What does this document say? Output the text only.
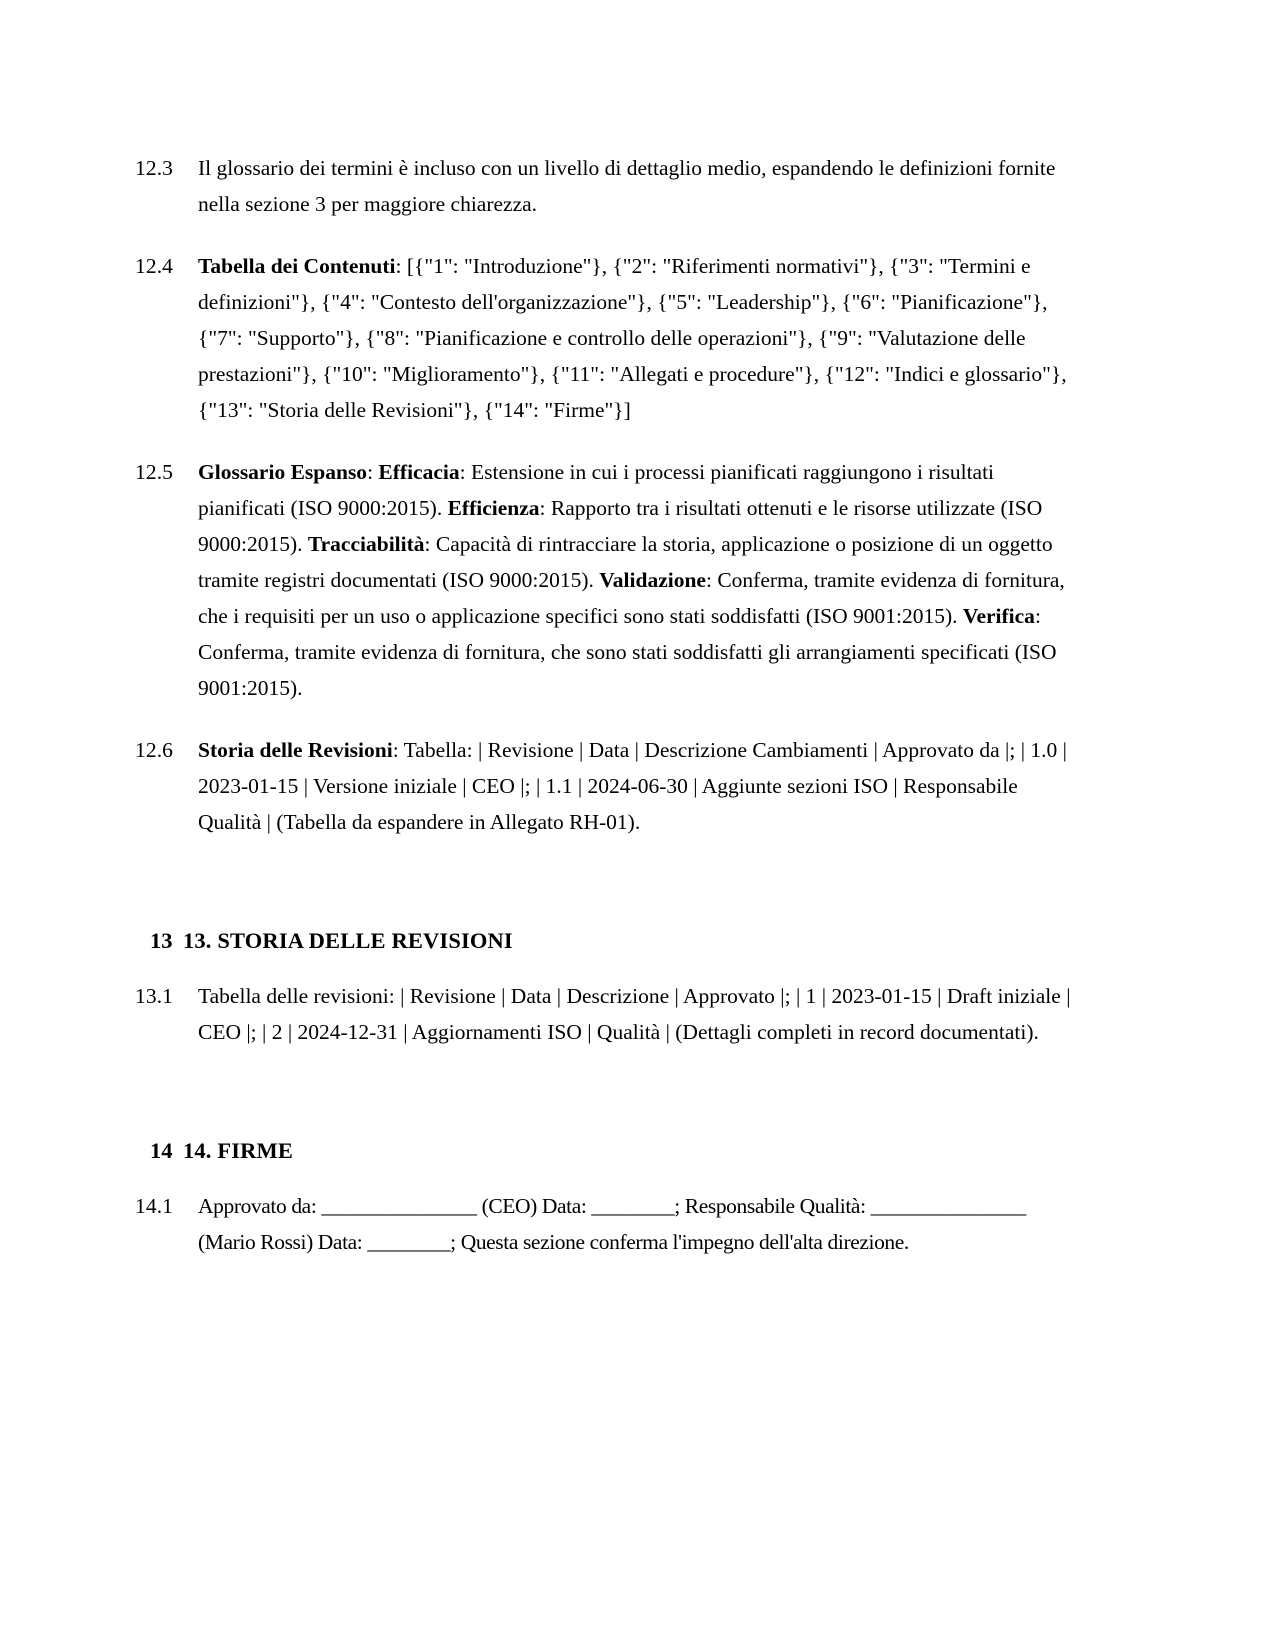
12.3	Il glossario dei termini è incluso con un livello di dettaglio medio, espandendo le definizioni fornite nella sezione 3 per maggiore chiarezza.
12.4	Tabella dei Contenuti: [{"1": "Introduzione"}, {"2": "Riferimenti normativi"}, {"3": "Termini e definizioni"}, {"4": "Contesto dell'organizzazione"}, {"5": "Leadership"}, {"6": "Pianificazione"}, {"7": "Supporto"}, {"8": "Pianificazione e controllo delle operazioni"}, {"9": "Valutazione delle prestazioni"}, {"10": "Miglioramento"}, {"11": "Allegati e procedure"}, {"12": "Indici e glossario"}, {"13": "Storia delle Revisioni"}, {"14": "Firme"}]
12.5	Glossario Espanso: Efficacia: Estensione in cui i processi pianificati raggiungono i risultati pianificati (ISO 9000:2015). Efficienza: Rapporto tra i risultati ottenuti e le risorse utilizzate (ISO 9000:2015). Tracciabilità: Capacità di rintracciare la storia, applicazione o posizione di un oggetto tramite registri documentati (ISO 9000:2015). Validazione: Conferma, tramite evidenza di fornitura, che i requisiti per un uso o applicazione specifici sono stati soddisfatti (ISO 9001:2015). Verifica: Conferma, tramite evidenza di fornitura, che sono stati soddisfatti gli arrangiamenti specificati (ISO 9001:2015).
12.6	Storia delle Revisioni: Tabella: | Revisione | Data | Descrizione Cambiamenti | Approvato da |; | 1.0 | 2023-01-15 | Versione iniziale | CEO |; | 1.1 | 2024-06-30 | Aggiunte sezioni ISO | Responsabile Qualità | (Tabella da espandere in Allegato RH-01).
13 13. STORIA DELLE REVISIONI
13.1	Tabella delle revisioni: | Revisione | Data | Descrizione | Approvato |; | 1 | 2023-01-15 | Draft iniziale | CEO |; | 2 | 2024-12-31 | Aggiornamenti ISO | Qualità | (Dettagli completi in record documentati).
14 14. FIRME
14.1	Approvato da: _______________ (CEO) Data: ________; Responsabile Qualità: _______________ (Mario Rossi) Data: ________; Questa sezione conferma l'impegno dell'alta direzione.
